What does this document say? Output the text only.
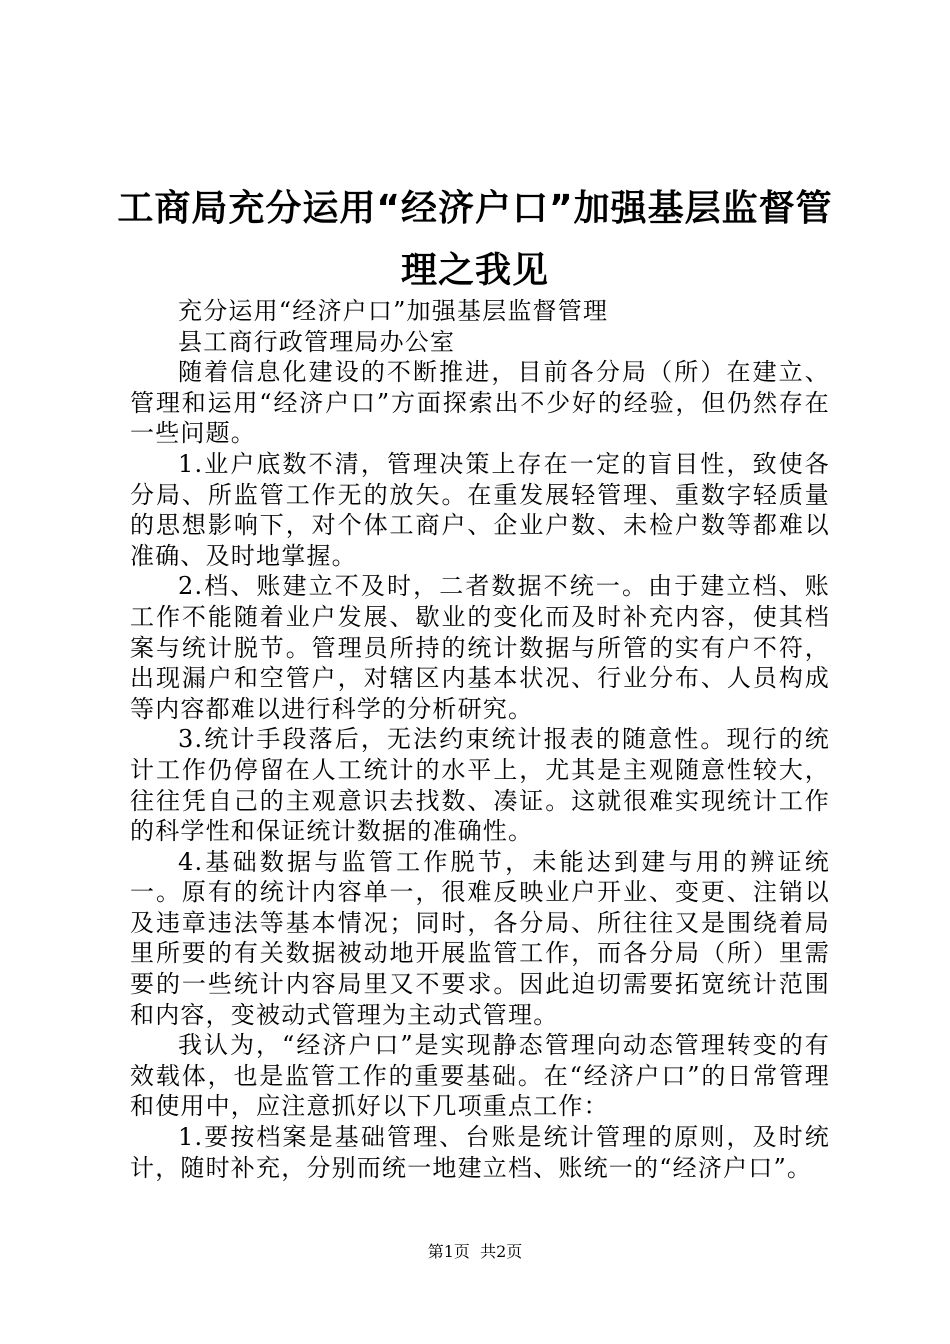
工商局充分运用“经济户口”加强基层监督管理之我见

充分运用“经济户口”加强基层监督管理

县工商行政管理局办公室

随着信息化建设的不断推进，目前各分局（所）在建立、管理和运用“经济户口”方面探索出不少好的经验，但仍然存在一些问题。

1.业户底数不清，管理决策上存在一定的盲目性，致使各分局、所监管工作无的放矢。在重发展轻管理、重数字轻质量的思想影响下，对个体工商户、企业户数、未检户数等都难以准确、及时地掌握。

2.档、账建立不及时，二者数据不统一。由于建立档、账工作不能随着业户发展、歇业的变化而及时补充内容，使其档案与统计脱节。管理员所持的统计数据与所管的实有户不符，出现漏户和空管户，对辖区内基本状况、行业分布、人员构成等内容都难以进行科学的分析研究。

3.统计手段落后，无法约束统计报表的随意性。现行的统计工作仍停留在人工统计的水平上，尤其是主观随意性较大，往往凭自己的主观意识去找数、凑证。这就很难实现统计工作的科学性和保证统计数据的准确性。

4.基础数据与监管工作脱节，未能达到建与用的辨证统一。原有的统计内容单一，很难反映业户开业、变更、注销以及违章违法等基本情况；同时，各分局、所往往又是围绕着局里所要的有关数据被动地开展监管工作，而各分局（所）里需要的一些统计内容局里又不要求。因此迫切需要拓宽统计范围和内容，变被动式管理为主动式管理。

我认为，“经济户口”是实现静态管理向动态管理转变的有效载体，也是监管工作的重要基础。在“经济户口”的日常管理和使用中，应注意抓好以下几项重点工作：

1.要按档案是基础管理、台账是统计管理的原则，及时统计，随时补充，分别而统一地建立档、账统一的“经济户口”。

第1页  共2页
